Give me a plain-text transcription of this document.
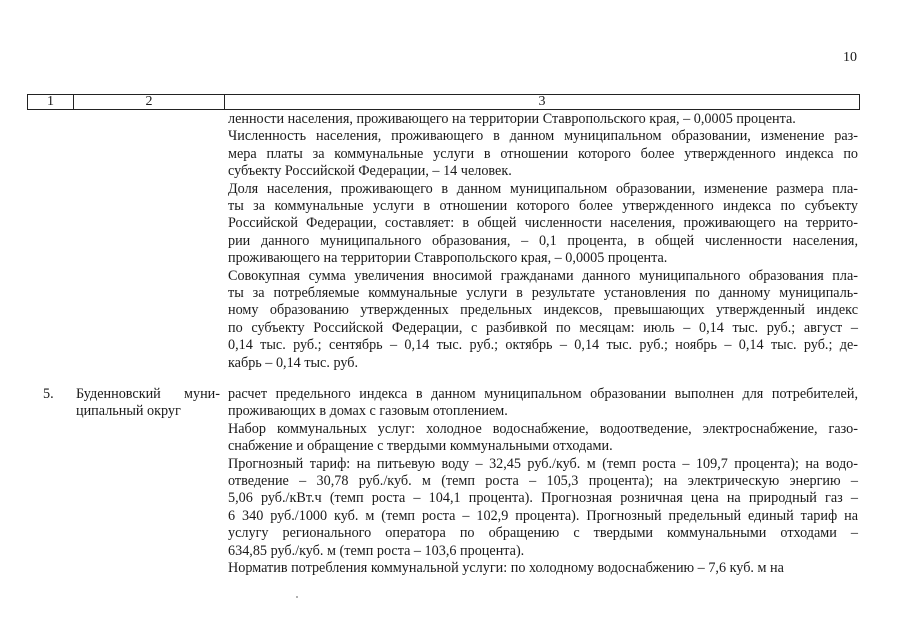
10
1	2	3
ленности населения, проживающего на территории Ставропольского края, – 0,0005 процента.
Численность населения, проживающего в данном муниципальном образовании, изменение раз-
мера платы за коммунальные услуги в отношении которого более утвержденного индекса по
субъекту Российской Федерации, – 14 человек.
Доля населения, проживающего в данном муниципальном образовании, изменение размера пла-
ты за коммунальные услуги в отношении которого более утвержденного индекса по субъекту
Российской Федерации, составляет: в общей численности населения, проживающего на террито-
рии данного муниципального образования, – 0,1 процента, в общей численности населения,
проживающего на территории Ставропольского края, – 0,0005 процента.
Совокупная сумма увеличения вносимой гражданами данного муниципального образования пла-
ты за потребляемые коммунальные услуги в результате установления по данному муниципаль-
ному образованию утвержденных предельных индексов, превышающих утвержденный индекс
по субъекту Российской Федерации, с разбивкой по месяцам: июль – 0,14 тыс. руб.; август –
0,14 тыс. руб.; сентябрь – 0,14 тыс. руб.; октябрь – 0,14 тыс. руб.; ноябрь – 0,14 тыс. руб.; де-
кабрь – 0,14 тыс. руб.
5. Буденновский муни-
ципальный округ
расчет предельного индекса в данном муниципальном образовании выполнен для потребителей,
проживающих в домах с газовым отоплением.
Набор коммунальных услуг: холодное водоснабжение, водоотведение, электроснабжение, газо-
снабжение и обращение с твердыми коммунальными отходами.
Прогнозный тариф: на питьевую воду – 32,45 руб./куб. м (темп роста – 109,7 процента); на водо-
отведение – 30,78 руб./куб. м (темп роста – 105,3 процента); на электрическую энергию –
5,06 руб./кВт.ч (темп роста – 104,1 процента). Прогнозная розничная цена на природный газ –
6 340 руб./1000 куб. м (темп роста – 102,9 процента). Прогнозный предельный единый тариф на
услугу регионального оператора по обращению с твердыми коммунальными отходами –
634,85 руб./куб. м (темп роста – 103,6 процента).
Норматив потребления коммунальной услуги: по холодному водоснабжению – 7,6 куб. м на
